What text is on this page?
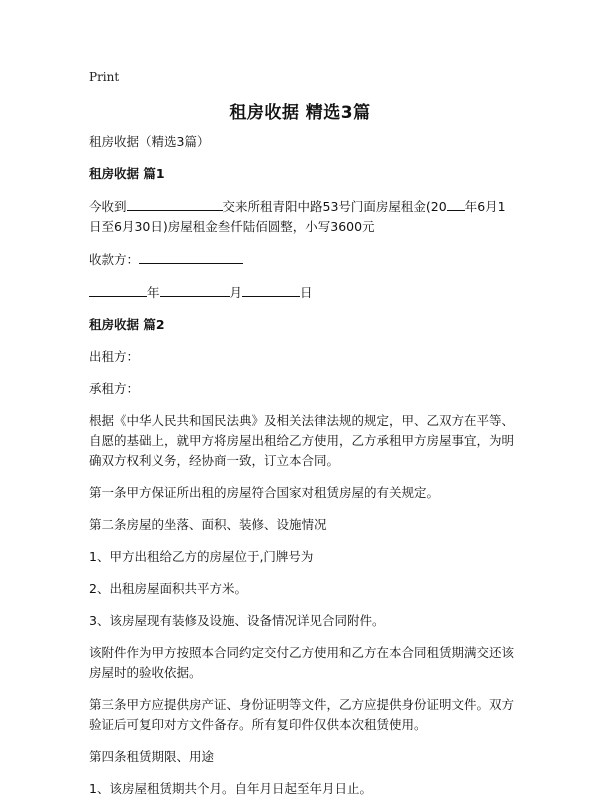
Print
租房收据 精选3篇

租房收据（精选3篇）

租房收据 篇1

今收到	交来所租青阳中路53号门面房屋租金(20 年6月1日至6月30日)房屋租金叁仟陆佰圆整，小写3600元

收款方：

年	月	日

租房收据 篇2

出租方：

承租方：

根据《中华人民共和国民法典》及相关法律法规的规定，甲、乙双方在平等、自愿的基础上，就甲方将房屋出租给乙方使用，乙方承租甲方房屋事宜，为明确双方权利义务，经协商一致，订立本合同。

第一条甲方保证所出租的房屋符合国家对租赁房屋的有关规定。

第二条房屋的坐落、面积、装修、设施情况

1、甲方出租给乙方的房屋位于,门牌号为

2、出租房屋面积共平方米。

3、该房屋现有装修及设施、设备情况详见合同附件。

该附件作为甲方按照本合同约定交付乙方使用和乙方在本合同租赁期满交还该房屋时的验收依据。

第三条甲方应提供房产证、身份证明等文件，乙方应提供身份证明文件。双方验证后可复印对方文件备存。所有复印件仅供本次租赁使用。

第四条租赁期限、用途

1、该房屋租赁期共个月。自年月日起至年月日止。
